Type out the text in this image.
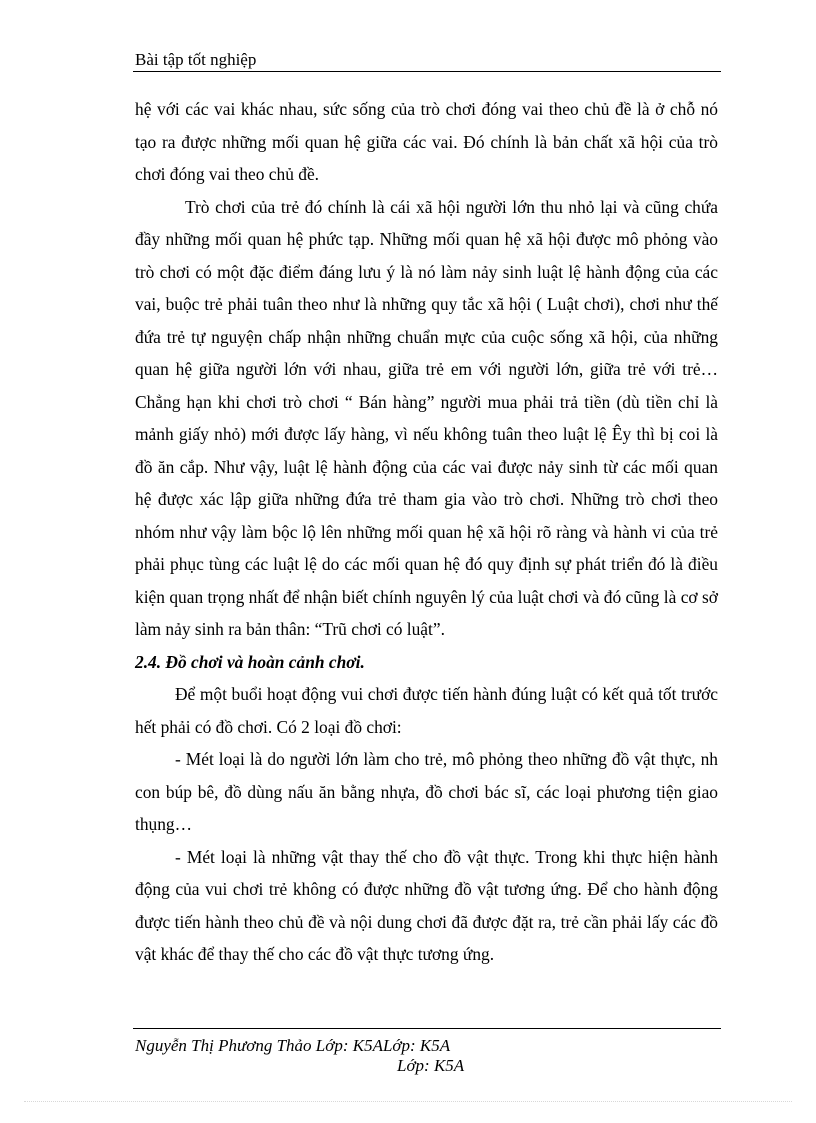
Bài tập tốt nghiệp

hệ với các vai khác nhau, sức sống của trò chơi đóng vai theo chủ đề là ở chỗ nó tạo ra được những mối quan hệ giữa các vai. Đó chính là bản chất xã hội của trò chơi đóng vai theo chủ đề.

Trò chơi của trẻ đó chính là cái xã hội người lớn thu nhỏ lại và cũng chứa đầy những mối quan hệ phức tạp. Những mối quan hệ xã hội được mô phỏng vào trò chơi có một đặc điểm đáng lưu ý là nó làm nảy sinh luật lệ hành động của các vai, buộc trẻ phải tuân theo như là những quy tắc xã hội ( Luật chơi), chơi như thế đứa trẻ tự nguyện chấp nhận những chuẩn mực của cuộc sống xã hội, của những quan hệ giữa người lớn với nhau, giữa trẻ em với người lớn, giữa trẻ với trẻ… Chẳng hạn khi chơi trò chơi “ Bán hàng” người mua phải trả tiền (dù tiền chỉ là mảnh giấy nhỏ) mới được lấy hàng, vì nếu không tuân theo luật lệ Êy thì bị coi là đồ ăn cắp. Như vậy, luật lệ hành động của các vai được nảy sinh từ các mối quan hệ được xác lập giữa những đứa trẻ tham gia vào trò chơi. Những trò chơi theo nhóm như vậy làm bộc lộ lên những mối quan hệ xã hội rõ ràng và hành vi của trẻ phải phục tùng các luật lệ do các mối quan hệ đó quy định sự phát triển đó là điều kiện quan trọng nhất để nhận biết chính nguyên lý của luật chơi và đó cũng là cơ sở làm nảy sinh ra bản thân: “Trũ chơi có luật”.

2.4. Đồ chơi và hoàn cảnh chơi.

Để một buổi hoạt động vui chơi được tiến hành đúng luật có kết quả tốt trước hết phải có đồ chơi. Có 2 loại đồ chơi:

- Mét loại là do người lớn làm cho trẻ, mô phỏng theo những đồ vật thực, nh con búp bê, đồ dùng nấu ăn bằng nhựa, đồ chơi bác sĩ, các loại phương tiện giao thụng…

- Mét loại là những vật thay thế cho đồ vật thực. Trong khi thực hiện hành động của vui chơi trẻ không có được những đồ vật tương ứng. Để cho hành động được tiến hành theo chủ đề và nội dung chơi đã được đặt ra, trẻ cần phải lấy các đồ vật khác để thay thế cho các đồ vật thực tương ứng.

Nguyễn Thị Phương Thảo Lớp: K5ALớp: K5A
Lớp: K5A
